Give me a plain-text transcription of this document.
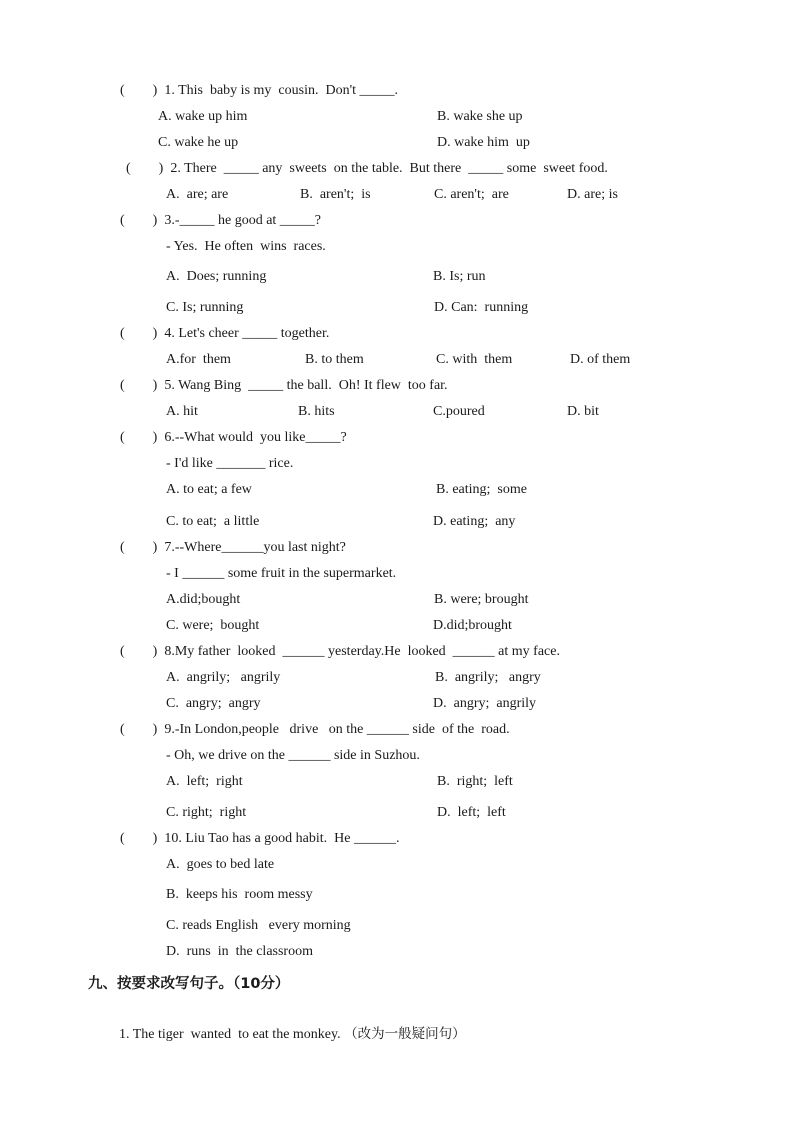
(        )  1. This  baby is my  cousin.  Don't _____.
A. wake up him	B. wake she up
C. wake he up	D. wake him  up
(        )  2. There  _____ any  sweets  on the table.  But there  _____ some  sweet food.
A.  are; are	B.  aren't;  is	C. aren't;  are	D. are; is
(        )  3.-_____ he good at _____?
- Yes.  He often  wins  races.
A.  Does; running	B. Is; run
C. Is; running	D. Can:  running
(        )  4. Let's cheer _____ together.
A.for  them	B. to them	C. with  them	D. of them
(        )  5. Wang Bing  _____ the ball.  Oh! It flew  too far.
A. hit	B. hits	C.poured	D. bit
(        )  6.--What would  you like_____?
- I'd like _______ rice.
A. to eat; a few	B. eating;  some
C. to eat;  a little	D. eating;  any
(        )  7.--Where______you last night?
- I ______ some fruit in the supermarket.
A.did;bought	B. were; brought
C. were;  bought	D.did;brought
(        )  8.My father  looked  ______ yesterday.He  looked  ______ at my face.
A.  angrily;   angrily	B.  angrily;   angry
C.  angry;  angry	D.  angry;  angrily
(        )  9.-In London,people   drive   on the ______ side  of the  road.
- Oh, we drive on the ______ side in Suzhou.
A.  left;  right	B.  right;  left
C. right;  right	D.  left;  left
(        )  10. Liu Tao has a good habit.  He ______.
A.  goes to bed late
B.  keeps his  room messy
C. reads English   every morning
D.  runs  in  the classroom
九、按要求改写句子。（10分）

1. The tiger  wanted  to eat the monkey. （改为一般疑问句）
